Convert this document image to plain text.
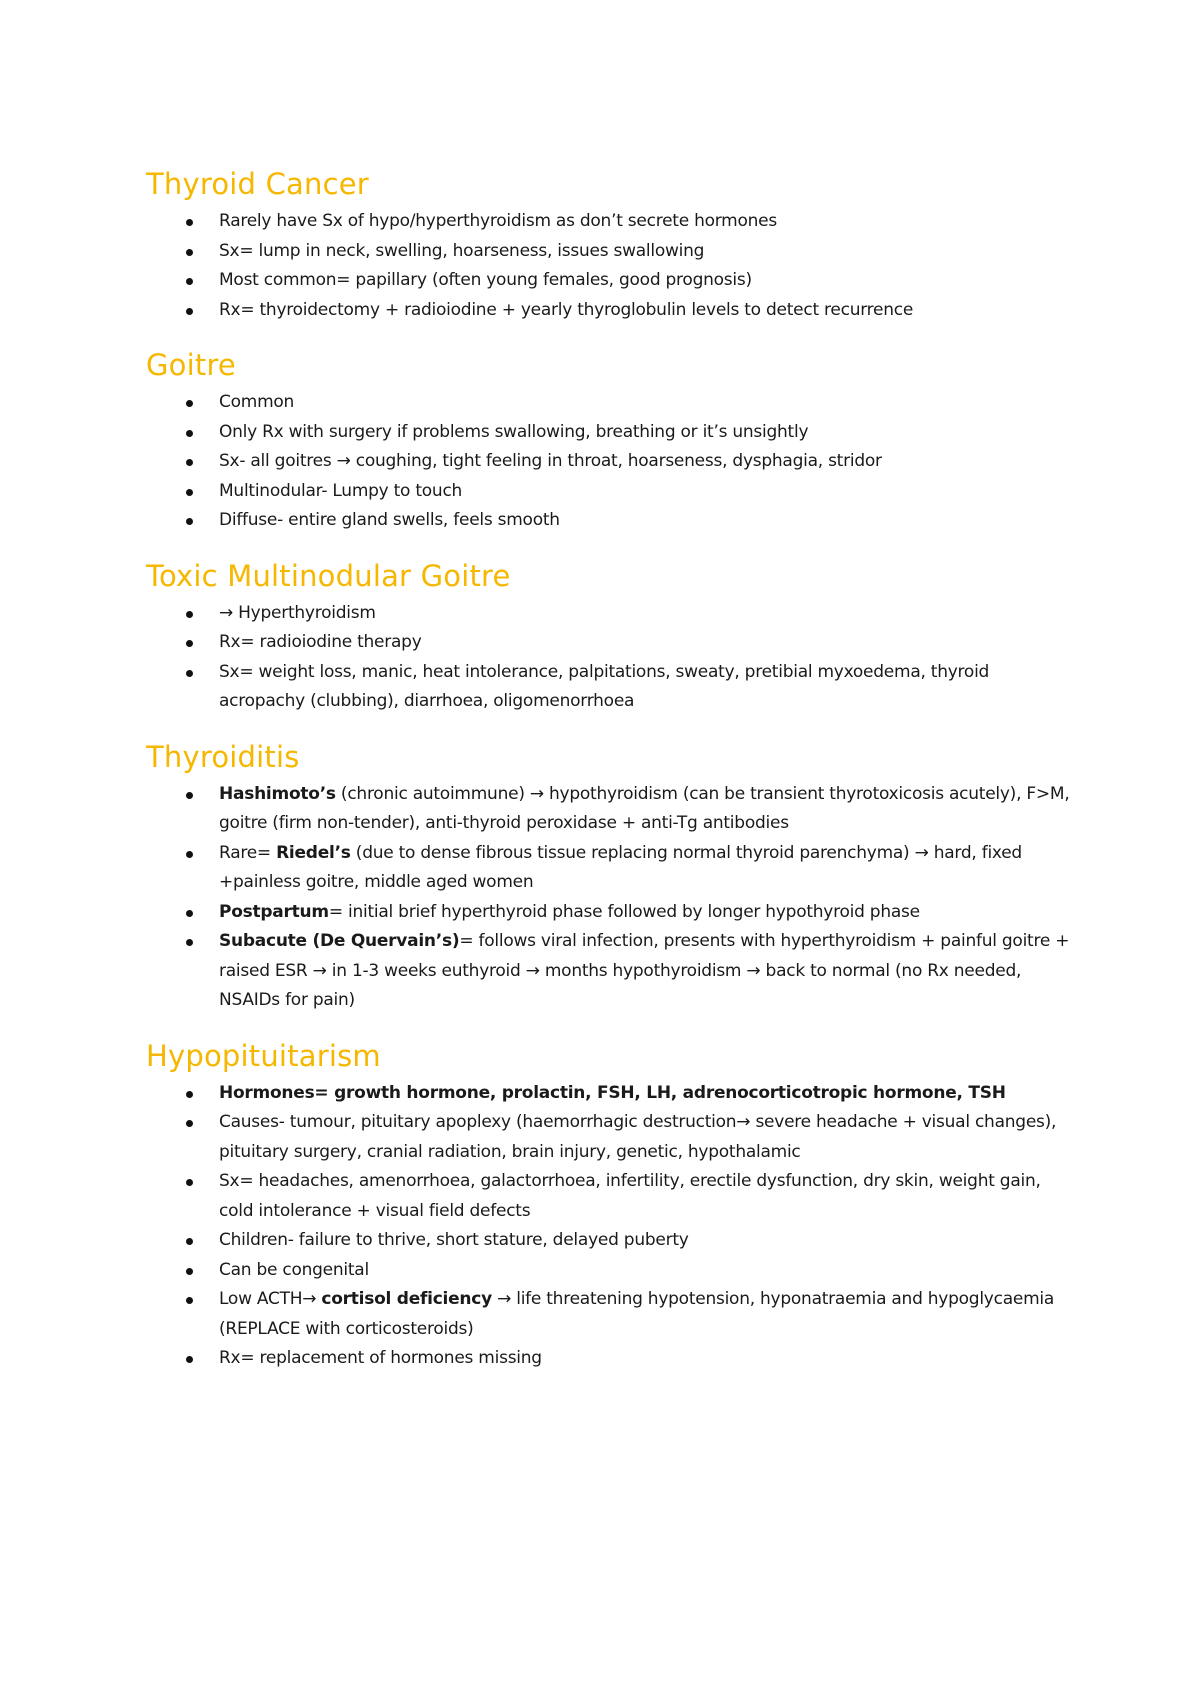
Thyroid Cancer
Rarely have Sx of hypo/hyperthyroidism as don’t secrete hormones
Sx= lump in neck, swelling, hoarseness, issues swallowing
Most common= papillary (often young females, good prognosis)
Rx= thyroidectomy + radioiodine + yearly thyroglobulin levels to detect recurrence
Goitre
Common
Only Rx with surgery if problems swallowing, breathing or it’s unsightly
Sx- all goitres → coughing, tight feeling in throat, hoarseness, dysphagia, stridor
Multinodular- Lumpy to touch
Diffuse- entire gland swells, feels smooth
Toxic Multinodular Goitre
→ Hyperthyroidism
Rx= radioiodine therapy
Sx= weight loss, manic, heat intolerance, palpitations, sweaty, pretibial myxoedema, thyroid acropachy (clubbing), diarrhoea, oligomenorrhoea
Thyroiditis
Hashimoto’s (chronic autoimmune) → hypothyroidism (can be transient thyrotoxicosis acutely), F>M, goitre (firm non-tender), anti-thyroid peroxidase + anti-Tg antibodies
Rare= Riedel’s (due to dense fibrous tissue replacing normal thyroid parenchyma) → hard, fixed +painless goitre, middle aged women
Postpartum= initial brief hyperthyroid phase followed by longer hypothyroid phase
Subacute (De Quervain’s)= follows viral infection, presents with hyperthyroidism + painful goitre + raised ESR → in 1-3 weeks euthyroid → months hypothyroidism → back to normal (no Rx needed, NSAIDs for pain)
Hypopituitarism
Hormones= growth hormone, prolactin, FSH, LH, adrenocorticotropic hormone, TSH
Causes- tumour, pituitary apoplexy (haemorrhagic destruction→ severe headache + visual changes), pituitary surgery, cranial radiation, brain injury, genetic, hypothalamic
Sx= headaches, amenorrhoea, galactorrhoea, infertility, erectile dysfunction, dry skin, weight gain, cold intolerance + visual field defects
Children- failure to thrive, short stature, delayed puberty
Can be congenital
Low ACTH→ cortisol deficiency → life threatening hypotension, hyponatraemia and hypoglycaemia (REPLACE with corticosteroids)
Rx= replacement of hormones missing
